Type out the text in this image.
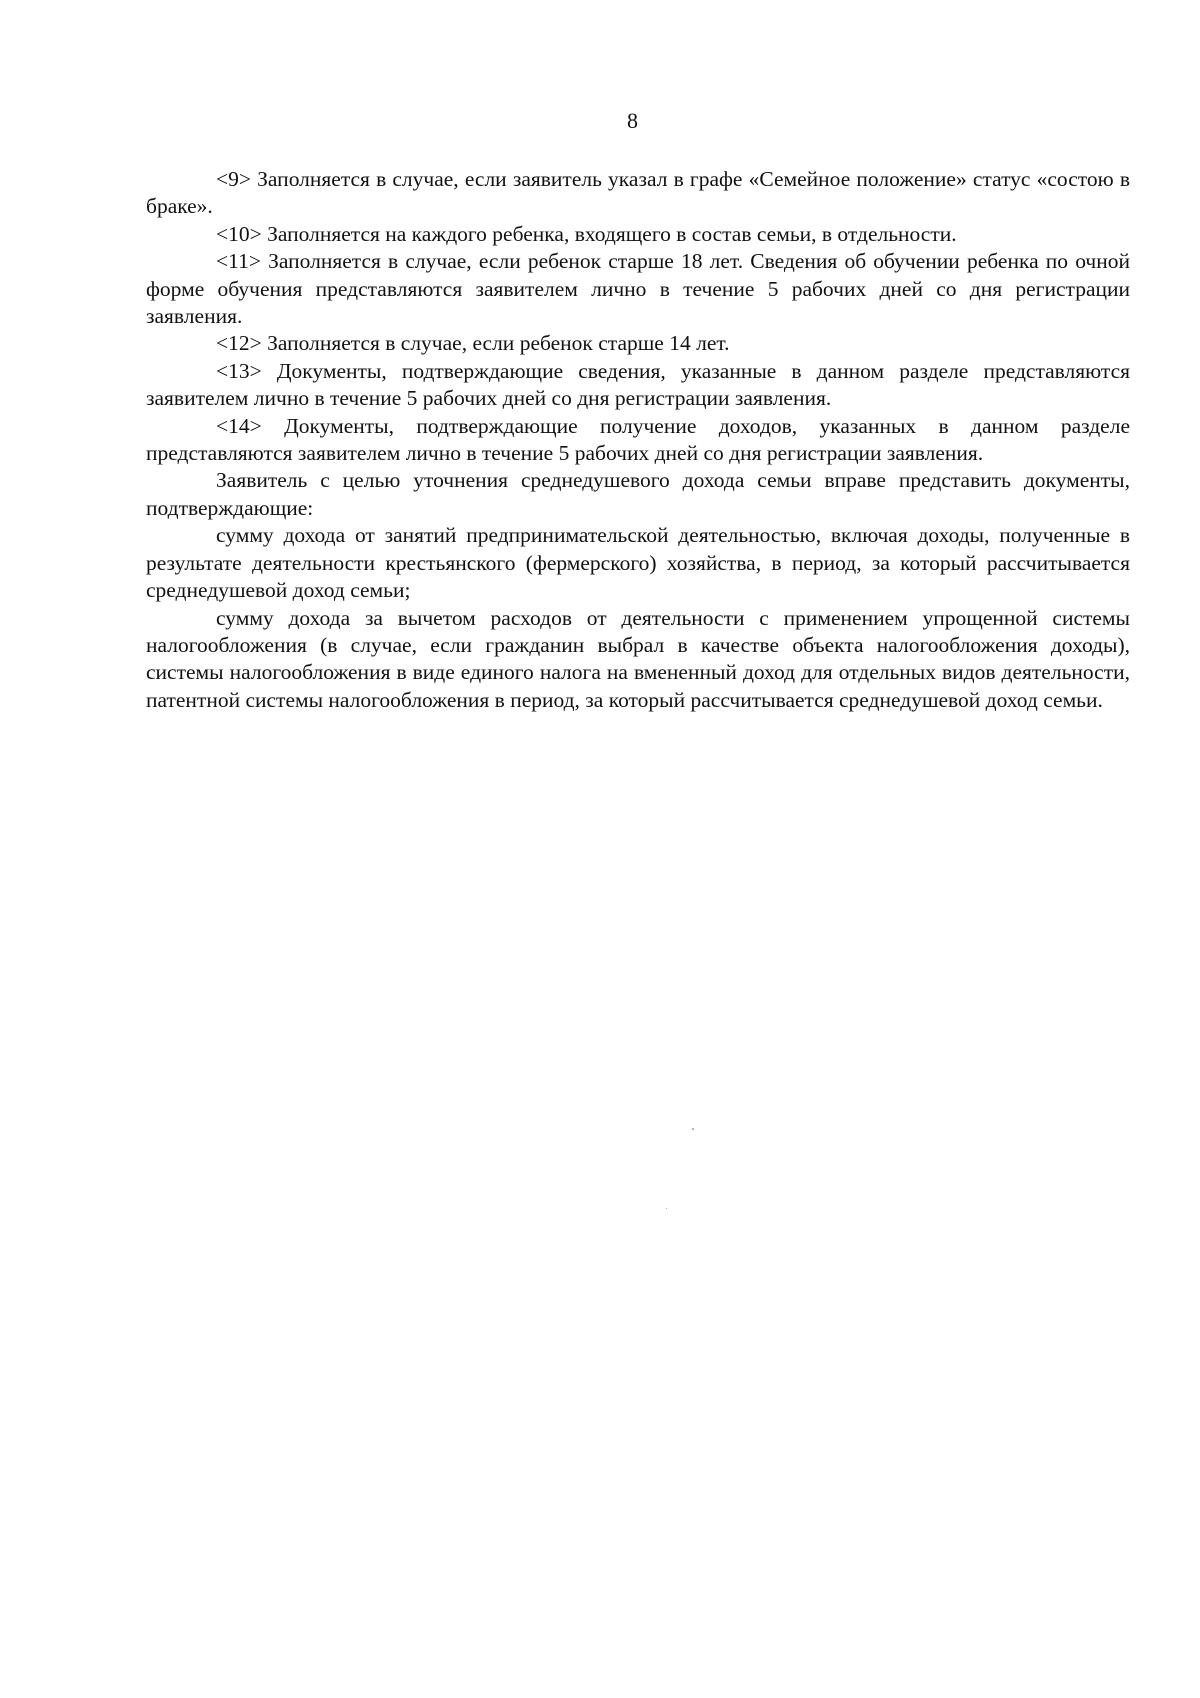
8

<9> Заполняется в случае, если заявитель указал в графе «Семейное положение» статус «состою в браке».

<10> Заполняется на каждого ребенка, входящего в состав семьи, в отдельности.

<11> Заполняется в случае, если ребенок старше 18 лет. Сведения об обучении ребенка по очной форме обучения представляются заявителем лично в течение 5 рабочих дней со дня регистрации заявления.

<12> Заполняется в случае, если ребенок старше 14 лет.

<13> Документы, подтверждающие сведения, указанные в данном разделе представляются заявителем лично в течение 5 рабочих дней со дня регистрации заявления.

<14> Документы, подтверждающие получение доходов, указанных в данном разделе представляются заявителем лично в течение 5 рабочих дней со дня регистрации заявления.

Заявитель с целью уточнения среднедушевого дохода семьи вправе представить документы, подтверждающие:

сумму дохода от занятий предпринимательской деятельностью, включая доходы, полученные в результате деятельности крестьянского (фермерского) хозяйства, в период, за который рассчитывается среднедушевой доход семьи;

сумму дохода за вычетом расходов от деятельности с применением упрощенной системы налогообложения (в случае, если гражданин выбрал в качестве объекта налогообложения доходы), системы налогообложения в виде единого налога на вмененный доход для отдельных видов деятельности, патентной системы налогообложения в период, за который рассчитывается среднедушевой доход семьи.
